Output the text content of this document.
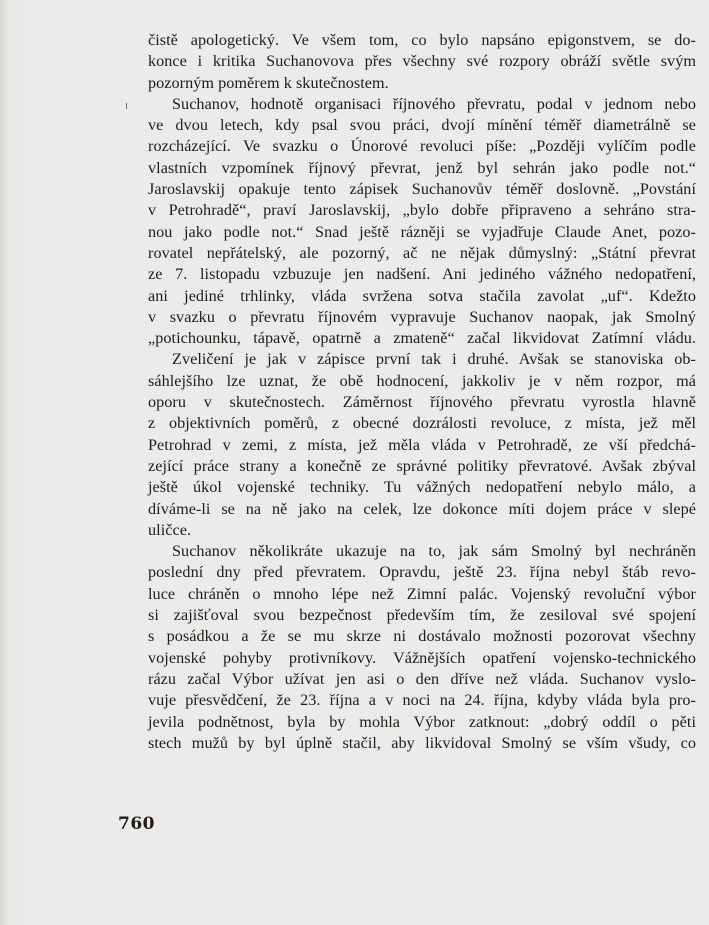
čistě apologetický. Ve všem tom, co bylo napsáno epigonstvem, se do-
konce i kritika Suchanovova přes všechny své rozpory obráží světle svým
pozorným poměrem k skutečnostem.
Suchanov, hodnotě organisaci říjnového převratu, podal v jednom nebo
ve dvou letech, kdy psal svou práci, dvojí mínění téměř diametrálně se
rozcházející. Ve svazku o Únorové revoluci píše: „Později vylíčím podle
vlastních vzpomínek říjnový převrat, jenž byl sehrán jako podle not.“
Jaroslavskij opakuje tento zápisek Suchanovův téměř doslovně. „Povstání
v Petrohradě“, praví Jaroslavskij, „bylo dobře připraveno a sehráno stra-
nou jako podle not.“ Snad ještě rázněji se vyjadřuje Claude Anet, pozo-
rovatel nepřátelský, ale pozorný, ač ne nějak důmyslný: „Státní převrat
ze 7. listopadu vzbuzuje jen nadšení. Ani jediného vážného nedopatření,
ani jediné trhlinky, vláda svržena sotva stačila zavolat „uf“. Kdežto
v svazku o převratu říjnovém vypravuje Suchanov naopak, jak Smolný
„potichounku, tápavě, opatrně a zmateně“ začal likvidovat Zatímní vládu.
Zveličení je jak v zápisce první tak i druhé. Avšak se stanoviska ob-
sáhlejšího lze uznat, že obě hodnocení, jakkoliv je v něm rozpor, má
oporu v skutečnostech. Záměrnost říjnového převratu vyrostla hlavně
z objektivních poměrů, z obecné dozrálosti revoluce, z místa, jež měl
Petrohrad v zemi, z místa, jež měla vláda v Petrohradě, ze vší předchá-
zející práce strany a konečně ze správné politiky převratové. Avšak zbýval
ještě úkol vojenské techniky. Tu vážných nedopatření nebylo málo, a
díváme-li se na ně jako na celek, lze dokonce míti dojem práce v slepé
uličce.
Suchanov několikráte ukazuje na to, jak sám Smolný byl nechráněn
poslední dny před převratem. Opravdu, ještě 23. října nebyl štáb revo-
luce chráněn o mnoho lépe než Zimní palác. Vojenský revoluční výbor
si zajišťoval svou bezpečnost především tím, že zesiloval své spojení
s posádkou a že se mu skrze ni dostávalo možnosti pozorovat všechny
vojenské pohyby protivníkovy. Vážnějších opatření vojensko-technického
rázu začal Výbor užívat jen asi o den dříve než vláda. Suchanov vyslo-
vuje přesvědčení, že 23. října a v noci na 24. října, kdyby vláda byla pro-
jevila podnětnost, byla by mohla Výbor zatknout: „dobrý oddíl o pěti
stech mužů by byl úplně stačil, aby likvidoval Smolný se vším všudy, co
760
